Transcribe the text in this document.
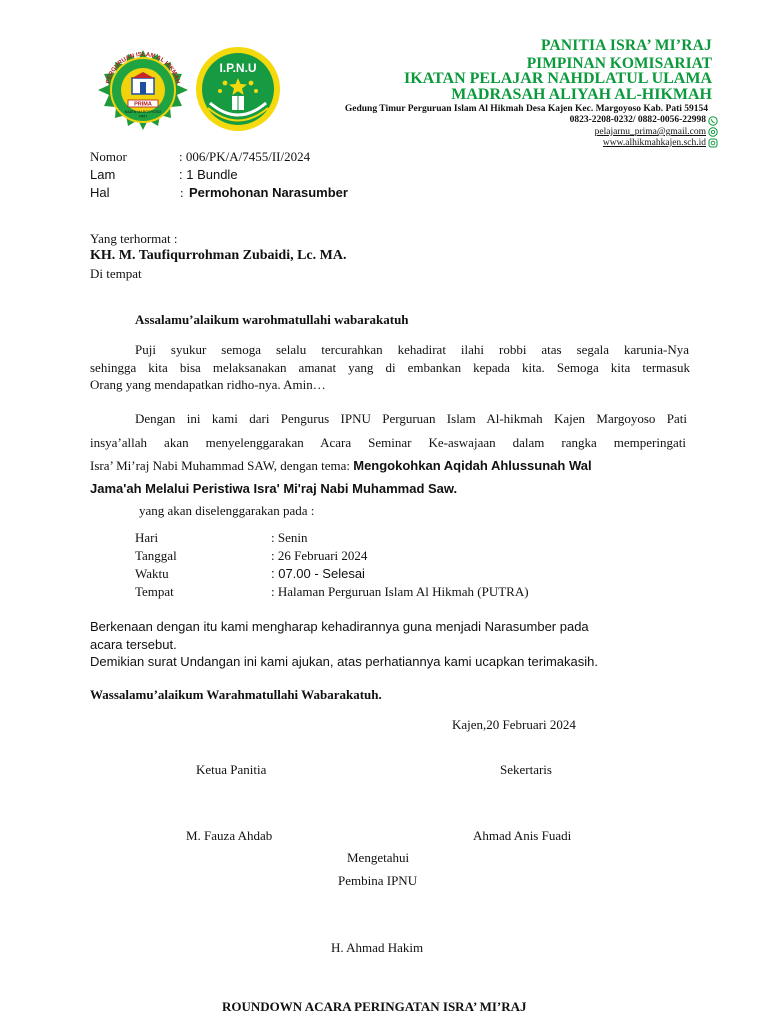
PERGURUAN ISLAM AL HIKMAH
PRIMA
KAJEN MARGOYOSO
PATI
I.P.N.U
PANITIA ISRA’ MI’RAJ
PIMPINAN KOMISARIAT
IKATAN PELAJAR NAHDLATUL ULAMA
MADRASAH ALIYAH AL-HIKMAH
Gedung Timur Perguruan Islam Al Hikmah Desa Kajen Kec. Margoyoso Kab. Pati 59154
0823-2208-0232/ 0882-0056-22998
pelajarnu_prima@gmail.com
www.alhikmahkajen.sch.id
Nomor	: 006/PK/A/7455/II/2024
Lam	: 1 Bundle
Hal	: Permohonan Narasumber
Yang terhormat :
KH. M. Taufiqurrohman Zubaidi, Lc. MA.
Di tempat
Assalamu’alaikum warohmatullahi wabarakatuh
Puji syukur semoga selalu tercurahkan kehadirat ilahi robbi atas segala karunia-Nya
sehingga kita bisa melaksanakan amanat yang di embankan kepada kita. Semoga kita termasuk
Orang yang mendapatkan ridho-nya. Amin…
Dengan ini kami dari Pengurus IPNU Perguruan Islam Al-hikmah Kajen Margoyoso Pati
insya’allah akan menyelenggarakan Acara Seminar Ke-aswajaan dalam rangka memperingati
Isra’ Mi’raj Nabi Muhammad SAW, dengan tema: Mengokohkan Aqidah Ahlussunah Wal
Jama'ah Melalui Peristiwa Isra' Mi'raj Nabi Muhammad Saw.
yang akan diselenggarakan pada :
Hari	: Senin
Tanggal	: 26 Februari 2024
Waktu	: 07.00 - Selesai
Tempat	: Halaman Perguruan Islam Al Hikmah (PUTRA)
Berkenaan dengan itu kami mengharap kehadirannya guna menjadi Narasumber pada
acara tersebut.
Demikian surat Undangan ini kami ajukan, atas perhatiannya kami ucapkan terimakasih.
Wassalamu’alaikum Warahmatullahi Wabarakatuh.
Kajen,20 Februari 2024
Ketua Panitia	Sekertaris
M. Fauza Ahdab	Ahmad Anis Fuadi
Mengetahui
Pembina IPNU
H. Ahmad Hakim
ROUNDOWN ACARA PERINGATAN ISRA’ MI’RAJ
